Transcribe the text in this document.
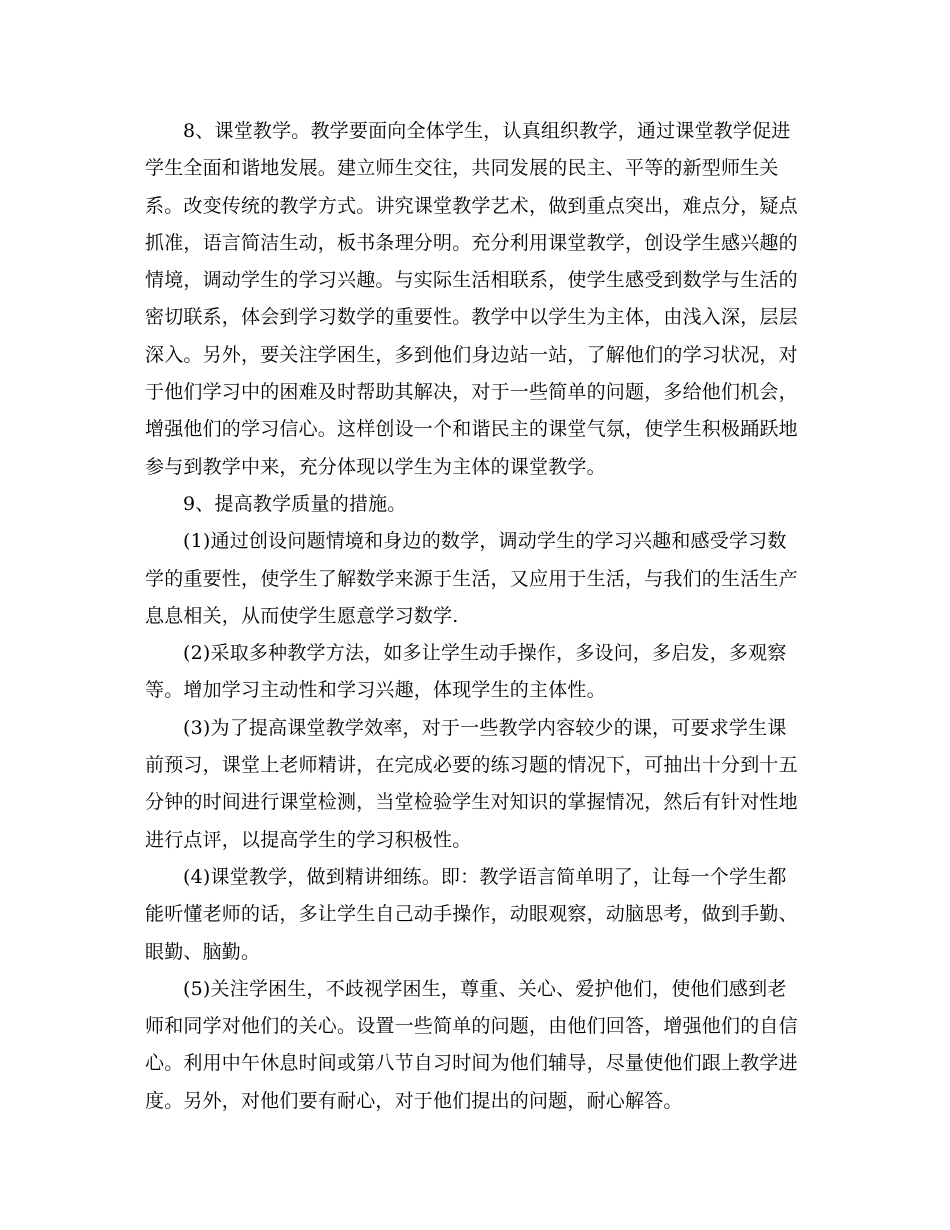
8、课堂教学。教学要面向全体学生，认真组织教学，通过课堂教学促进学生全面和谐地发展。建立师生交往，共同发展的民主、平等的新型师生关系。改变传统的教学方式。讲究课堂教学艺术，做到重点突出，难点分，疑点抓准，语言简洁生动，板书条理分明。充分利用课堂教学，创设学生感兴趣的情境，调动学生的学习兴趣。与实际生活相联系，使学生感受到数学与生活的密切联系，体会到学习数学的重要性。教学中以学生为主体，由浅入深，层层深入。另外，要关注学困生，多到他们身边站一站，了解他们的学习状况，对于他们学习中的困难及时帮助其解决，对于一些简单的问题，多给他们机会，增强他们的学习信心。这样创设一个和谐民主的课堂气氛，使学生积极踊跃地参与到教学中来，充分体现以学生为主体的课堂教学。

9、提高教学质量的措施。

(1)通过创设问题情境和身边的数学，调动学生的学习兴趣和感受学习数学的重要性，使学生了解数学来源于生活，又应用于生活，与我们的生活生产息息相关，从而使学生愿意学习数学.

(2)采取多种教学方法，如多让学生动手操作，多设问，多启发，多观察等。增加学习主动性和学习兴趣，体现学生的主体性。

(3)为了提高课堂教学效率，对于一些教学内容较少的课，可要求学生课前预习，课堂上老师精讲，在完成必要的练习题的情况下，可抽出十分到十五分钟的时间进行课堂检测，当堂检验学生对知识的掌握情况，然后有针对性地进行点评，以提高学生的学习积极性。

(4)课堂教学，做到精讲细练。即：教学语言简单明了，让每一个学生都能听懂老师的话，多让学生自己动手操作，动眼观察，动脑思考，做到手勤、眼勤、脑勤。

(5)关注学困生，不歧视学困生，尊重、关心、爱护他们，使他们感到老师和同学对他们的关心。设置一些简单的问题，由他们回答，增强他们的自信心。利用中午休息时间或第八节自习时间为他们辅导，尽量使他们跟上教学进度。另外，对他们要有耐心，对于他们提出的问题，耐心解答。
